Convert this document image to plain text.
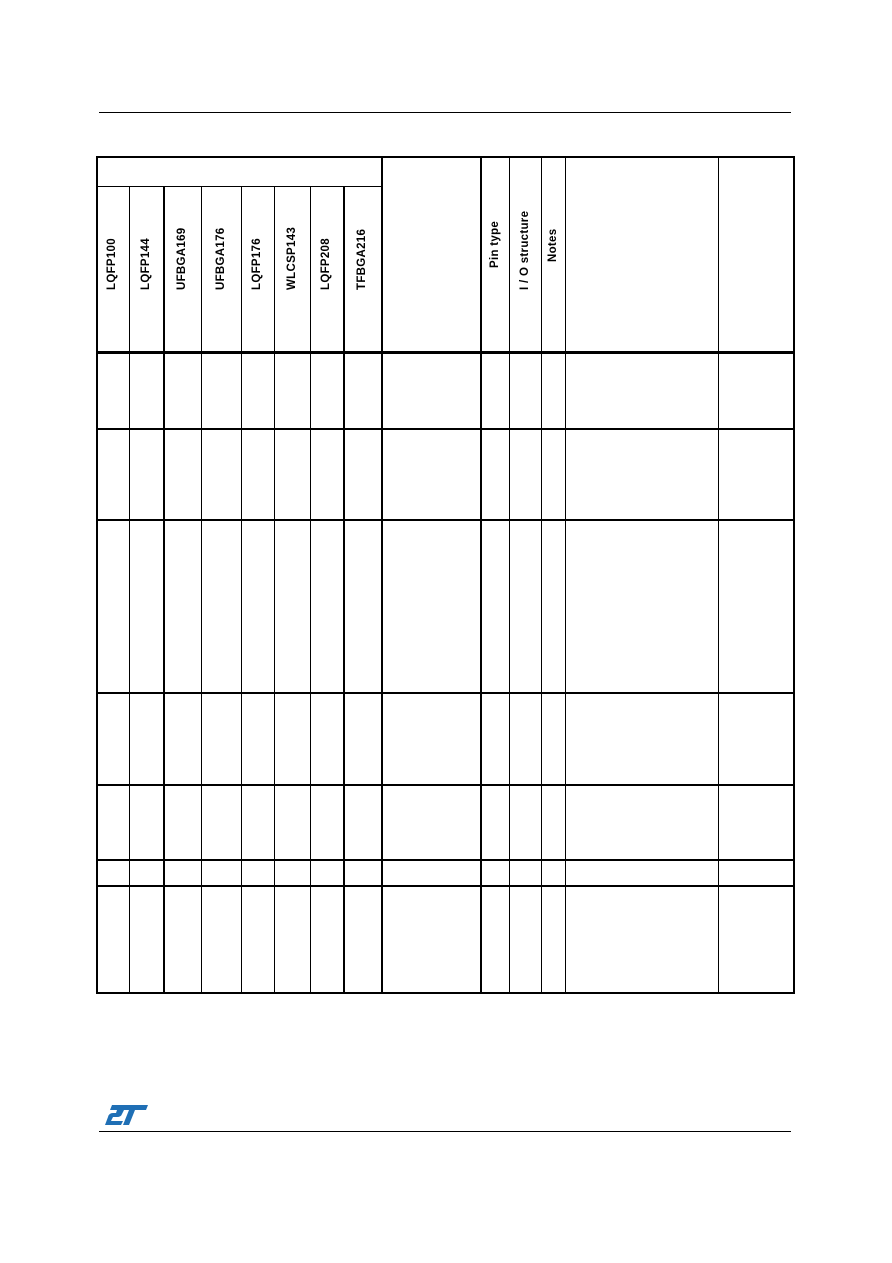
LQFP100 LQFP144 UFBGA169 UFBGA176 LQFP176 WLCSP143 LQFP208 TFBGA216	Pin type I / O structure Notes
